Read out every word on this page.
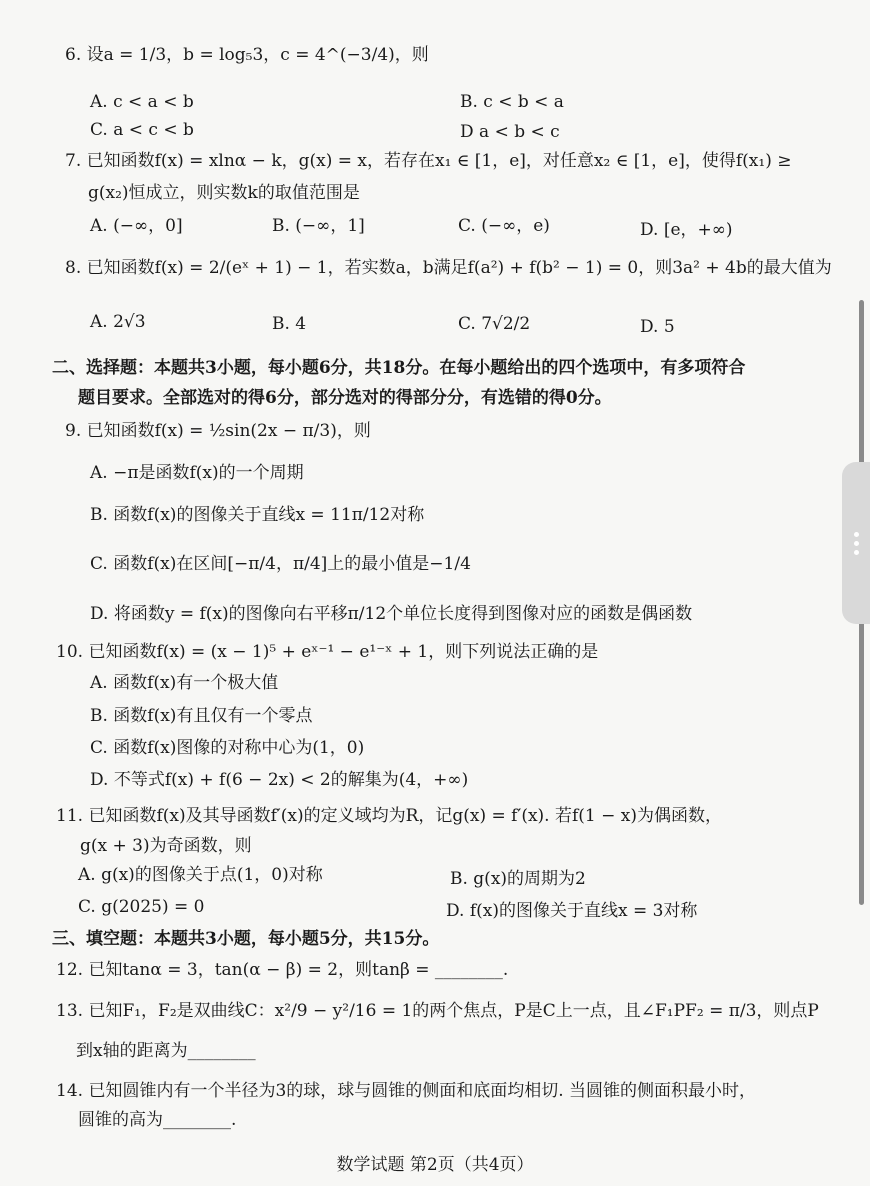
6. 设a = 1/3，b = log₅3，c = 4^(−3/4)，则
A. c < a < b	B. c < b < a
C. a < c < b	D a < b < c
7. 已知函数f(x) = xlnα − k，g(x) = x，若存在x₁ ∈ [1，e]，对任意x₂ ∈ [1，e]，使得f(x₁) ≥
g(x₂)恒成立，则实数k的取值范围是
A. (−∞，0]	B. (−∞，1]	C. (−∞，e)	D. [e，+∞)
8. 已知函数f(x) = 2/(eˣ + 1) − 1，若实数a，b满足f(a²) + f(b² − 1) = 0，则3a² + 4b的最大值为
A. 2√3	B. 4	C. 7√2/2	D. 5
二、选择题：本题共3小题，每小题6分，共18分。在每小题给出的四个选项中，有多项符合
题目要求。全部选对的得6分，部分选对的得部分分，有选错的得0分。
9. 已知函数f(x) = ½sin(2x − π/3)，则
A. −π是函数f(x)的一个周期
B. 函数f(x)的图像关于直线x = 11π/12对称
C. 函数f(x)在区间[−π/4，π/4]上的最小值是−1/4
D. 将函数y = f(x)的图像向右平移π/12个单位长度得到图像对应的函数是偶函数
10. 已知函数f(x) = (x − 1)⁵ + eˣ⁻¹ − e¹⁻ˣ + 1，则下列说法正确的是
A. 函数f(x)有一个极大值
B. 函数f(x)有且仅有一个零点
C. 函数f(x)图像的对称中心为(1，0)
D. 不等式f(x) + f(6 − 2x) < 2的解集为(4，+∞)
11. 已知函数f(x)及其导函数f′(x)的定义域均为R，记g(x) = f′(x). 若f(1 − x)为偶函数，
g(x + 3)为奇函数，则
A. g(x)的图像关于点(1，0)对称	B. g(x)的周期为2
C. g(2025) = 0	D. f(x)的图像关于直线x = 3对称
三、填空题：本题共3小题，每小题5分，共15分。
12. 已知tanα = 3，tan(α − β) = 2，则tanβ = ________.
13. 已知F₁，F₂是双曲线C：x²/9 − y²/16 = 1的两个焦点，P是C上一点，且∠F₁PF₂ = π/3，则点P
到x轴的距离为________
14. 已知圆锥内有一个半径为3的球，球与圆锥的侧面和底面均相切. 当圆锥的侧面积最小时，
圆锥的高为________.
数学试题 第2页（共4页）
